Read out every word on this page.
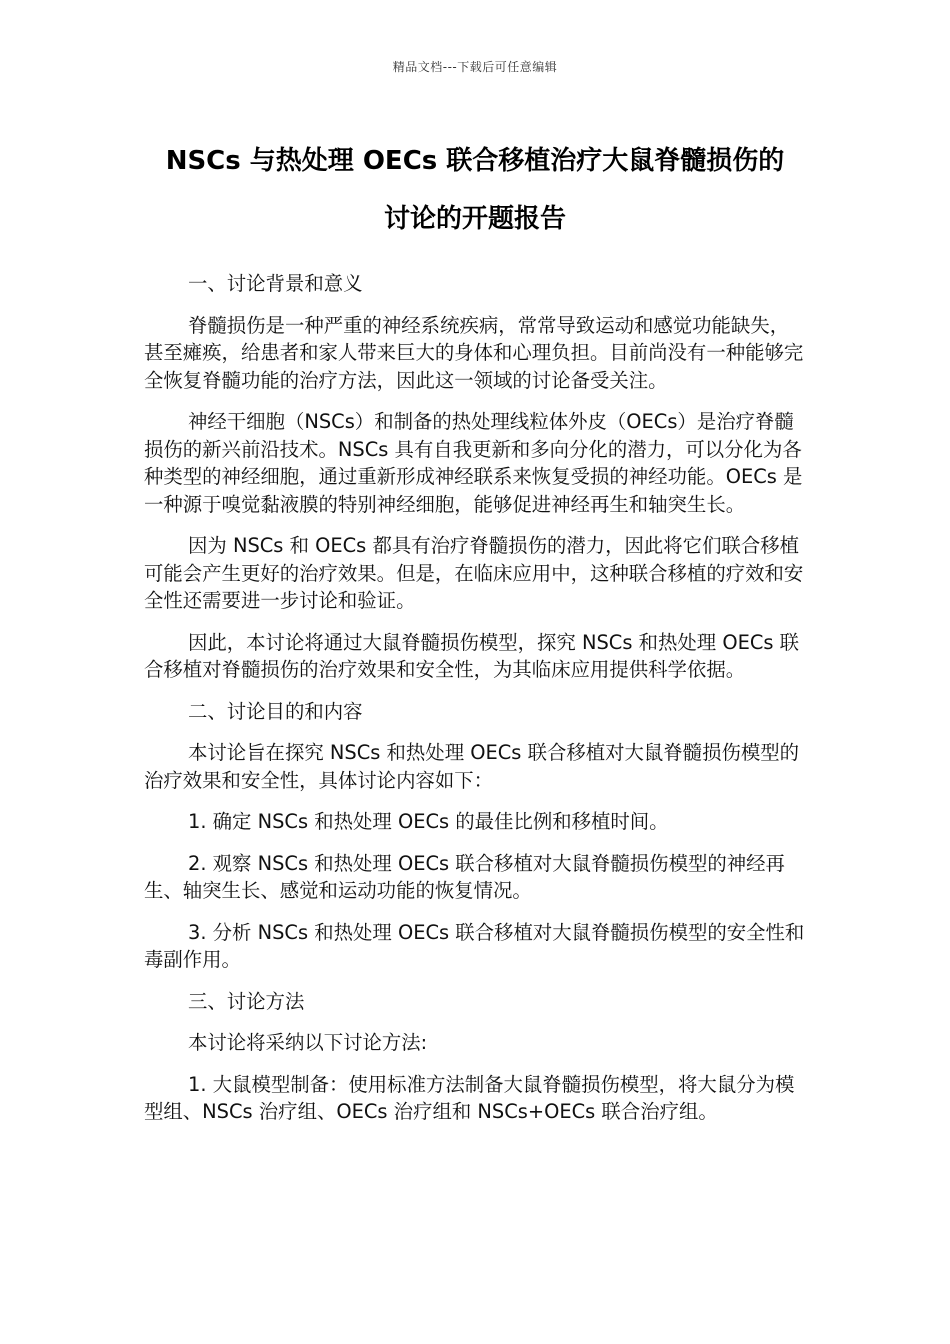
精品文档---下载后可任意编辑
NSCs 与热处理 OECs 联合移植治疗大鼠脊髓损伤的
讨论的开题报告

一、讨论背景和意义

脊髓损伤是一种严重的神经系统疾病，常常导致运动和感觉功能缺失，甚至瘫痪，给患者和家人带来巨大的身体和心理负担。目前尚没有一种能够完全恢复脊髓功能的治疗方法，因此这一领域的讨论备受关注。

神经干细胞（NSCs）和制备的热处理线粒体外皮（OECs）是治疗脊髓损伤的新兴前沿技术。NSCs 具有自我更新和多向分化的潜力，可以分化为各种类型的神经细胞，通过重新形成神经联系来恢复受损的神经功能。OECs 是一种源于嗅觉黏液膜的特别神经细胞，能够促进神经再生和轴突生长。

因为 NSCs 和 OECs 都具有治疗脊髓损伤的潜力，因此将它们联合移植可能会产生更好的治疗效果。但是，在临床应用中，这种联合移植的疗效和安全性还需要进一步讨论和验证。

因此，本讨论将通过大鼠脊髓损伤模型，探究 NSCs 和热处理 OECs 联合移植对脊髓损伤的治疗效果和安全性，为其临床应用提供科学依据。

二、讨论目的和内容

本讨论旨在探究 NSCs 和热处理 OECs 联合移植对大鼠脊髓损伤模型的治疗效果和安全性，具体讨论内容如下：

1. 确定 NSCs 和热处理 OECs 的最佳比例和移植时间。

2. 观察 NSCs 和热处理 OECs 联合移植对大鼠脊髓损伤模型的神经再生、轴突生长、感觉和运动功能的恢复情况。

3. 分析 NSCs 和热处理 OECs 联合移植对大鼠脊髓损伤模型的安全性和毒副作用。

三、讨论方法

本讨论将采纳以下讨论方法:

1. 大鼠模型制备：使用标准方法制备大鼠脊髓损伤模型，将大鼠分为模型组、NSCs 治疗组、OECs 治疗组和 NSCs+OECs 联合治疗组。
